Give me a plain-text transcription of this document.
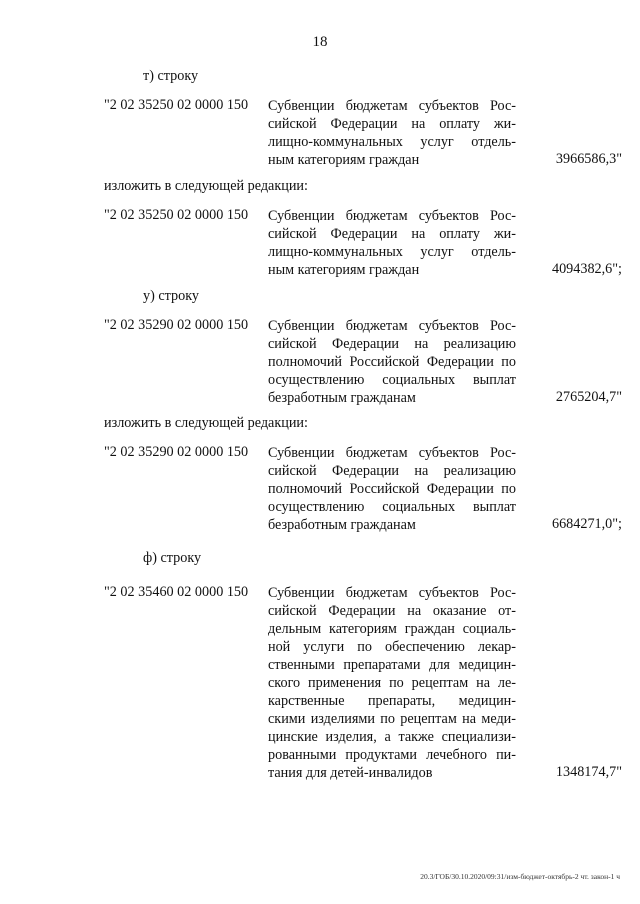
18
т) строку
"2 02 35250 02 0000 150 Субвенции бюджетам субъектов Рос-
сийской Федерации на оплату жи-
лищно-коммунальных услуг отдель-
ным категориям граждан	3966586,3"
изложить в следующей редакции:
"2 02 35250 02 0000 150 Субвенции бюджетам субъектов Рос-
сийской Федерации на оплату жи-
лищно-коммунальных услуг отдель-
ным категориям граждан	4094382,6";
у) строку
"2 02 35290 02 0000 150 Субвенции бюджетам субъектов Рос-
сийской Федерации на реализацию
полномочий Российской Федерации по
осуществлению социальных выплат
безработным гражданам	2765204,7"
изложить в следующей редакции:
"2 02 35290 02 0000 150 Субвенции бюджетам субъектов Рос-
сийской Федерации на реализацию
полномочий Российской Федерации по
осуществлению социальных выплат
безработным гражданам	6684271,0";
ф) строку
"2 02 35460 02 0000 150 Субвенции бюджетам субъектов Рос-
сийской Федерации на оказание от-
дельным категориям граждан социаль-
ной услуги по обеспечению лекар-
ственными препаратами для медицин-
ского применения по рецептам на ле-
карственные препараты, медицин-
скими изделиями по рецептам на меди-
цинские изделия, а также специализи-
рованными продуктами лечебного пи-
тания для детей-инвалидов	1348174,7"
20.3/ГОБ/30.10.2020/09:31/изм-бюджет-октябрь-2 чт. закон-1 ч
